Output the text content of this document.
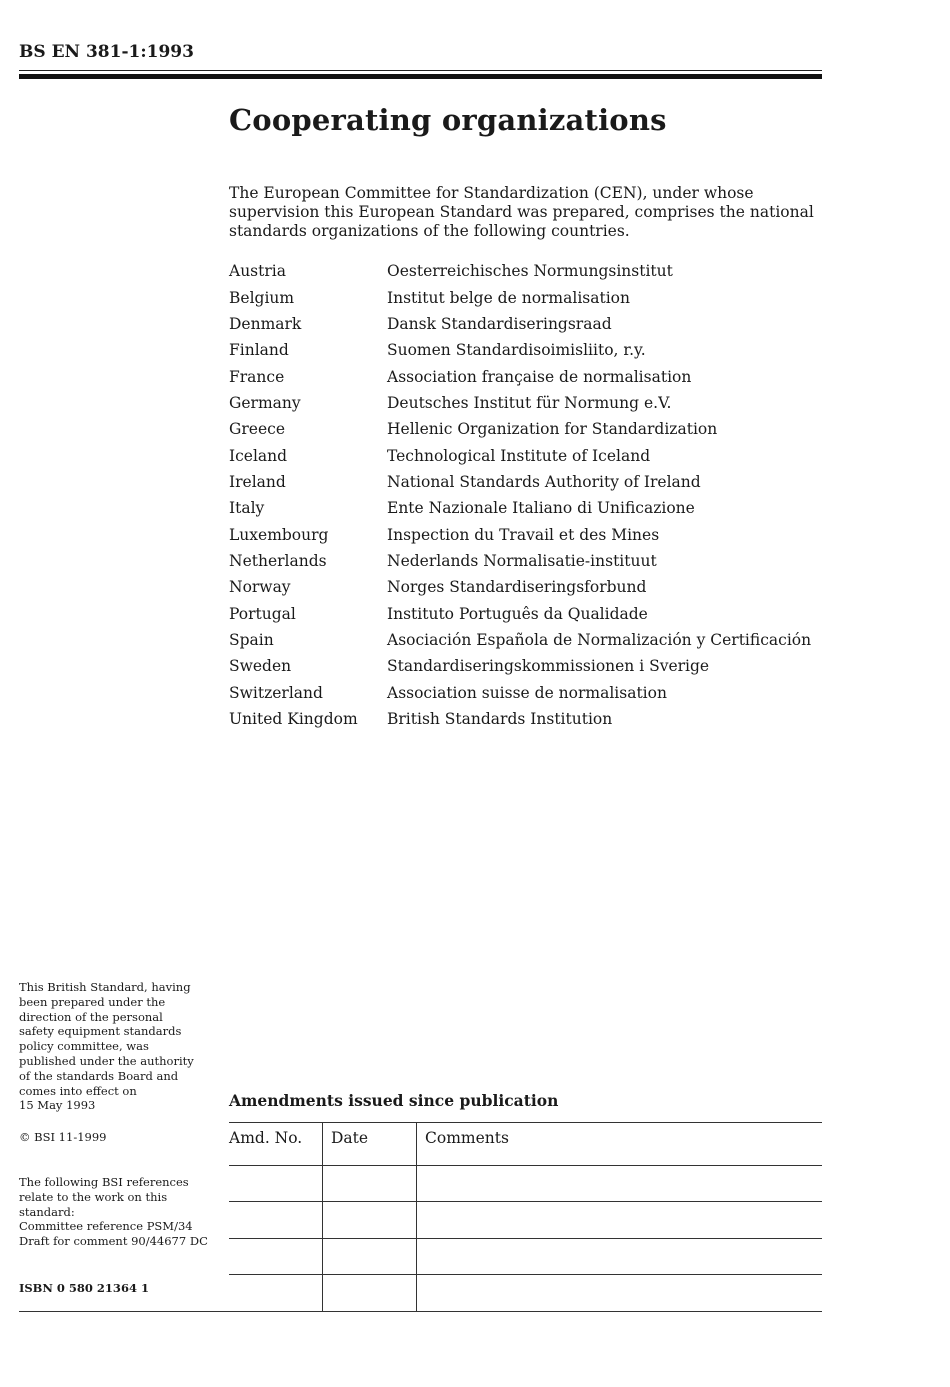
BS EN 381-1:1993
Cooperating organizations
The European Committee for Standardization (CEN), under whose supervision this European Standard was prepared, comprises the national standards organizations of the following countries.
Austria	Oesterreichisches Normungsinstitut
Belgium	Institut belge de normalisation
Denmark	Dansk Standardiseringsraad
Finland	Suomen Standardisoimisliito, r.y.
France	Association française de normalisation
Germany	Deutsches Institut für Normung e.V.
Greece	Hellenic Organization for Standardization
Iceland	Technological Institute of Iceland
Ireland	National Standards Authority of Ireland
Italy	Ente Nazionale Italiano di Unificazione
Luxembourg	Inspection du Travail et des Mines
Netherlands	Nederlands Normalisatie-instituut
Norway	Norges Standardiseringsforbund
Portugal	Instituto Português da Qualidade
Spain	Asociación Española de Normalización y Certificación
Sweden	Standardiseringskommissionen i Sverige
Switzerland	Association suisse de normalisation
United Kingdom	British Standards Institution
This British Standard, having
been prepared under the
direction of the personal
safety equipment standards
policy committee, was
published under the authority
of the standards Board and
comes into effect on
15 May 1993
© BSI 11-1999
The following BSI references
relate to the work on this
standard:
Committee reference PSM/34
Draft for comment 90/44677 DC
ISBN 0 580 21364 1
Amendments issued since publication
Amd. No.	Date	Comments
